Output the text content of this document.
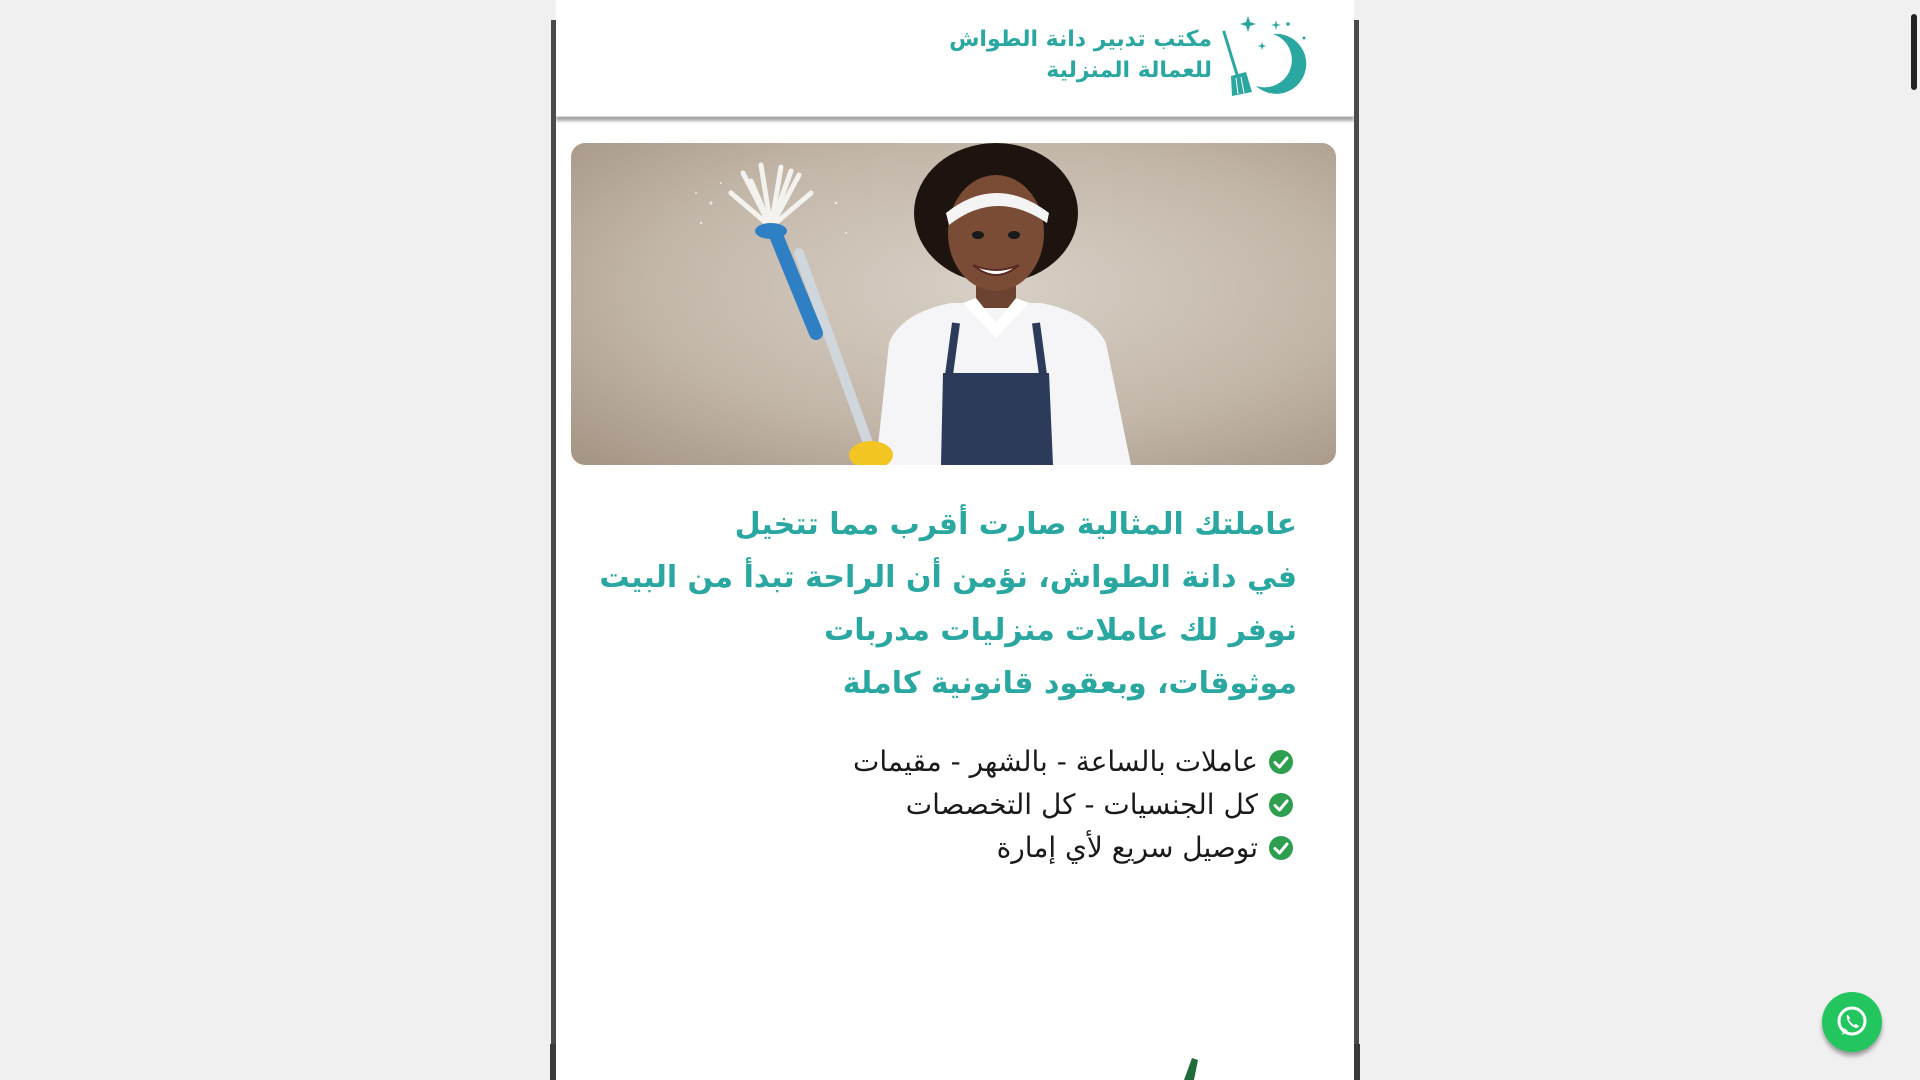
مكتب تدبير دانة الطواش
للعمالة المنزلية
عاملتك المثالية صارت أقرب مما تتخيل
في دانة الطواش، نؤمن أن الراحة تبدأ من البيت
نوفر لك عاملات منزليات مدربات
موثوقات، وبعقود قانونية كاملة
عاملات بالساعة - بالشهر - مقيمات
كل الجنسيات - كل التخصصات
توصيل سريع لأي إمارة
